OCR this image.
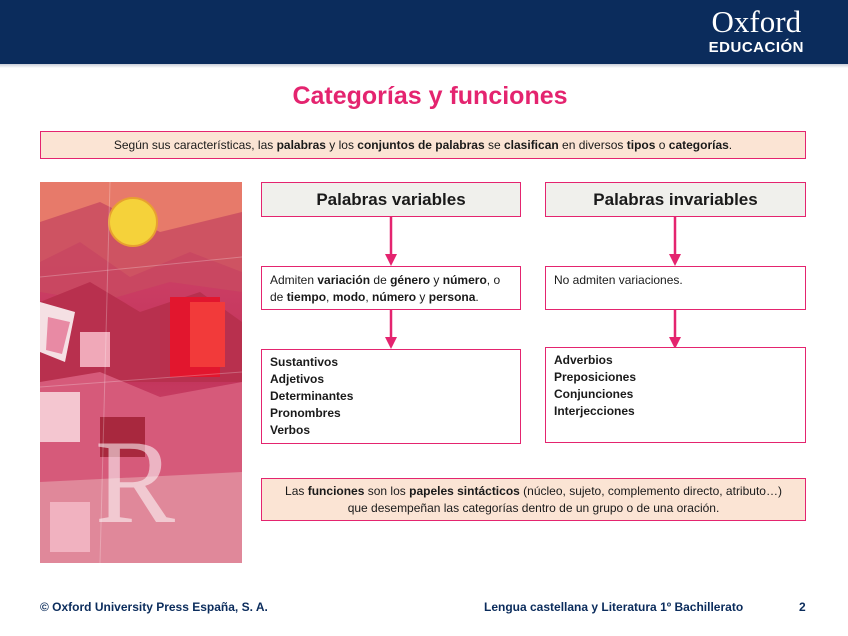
Oxford
EDUCACIÓN
Categorías y funciones
Según sus características, las palabras y los conjuntos de palabras se clasifican en diversos tipos o categorías.
R
Palabras variables
Admiten variación de género y número, o de tiempo, modo, número y persona.
Sustantivos
Adjetivos
Determinantes
Pronombres
Verbos
Palabras invariables
No admiten variaciones.
Adverbios
Preposiciones
Conjunciones
Interjecciones
Las funciones son los papeles sintácticos (núcleo, sujeto, complemento directo, atributo…)
que desempeñan las categorías dentro de un grupo o de una oración.
© Oxford University Press España, S. A.	Lengua castellana y Literatura 1º Bachillerato	2
